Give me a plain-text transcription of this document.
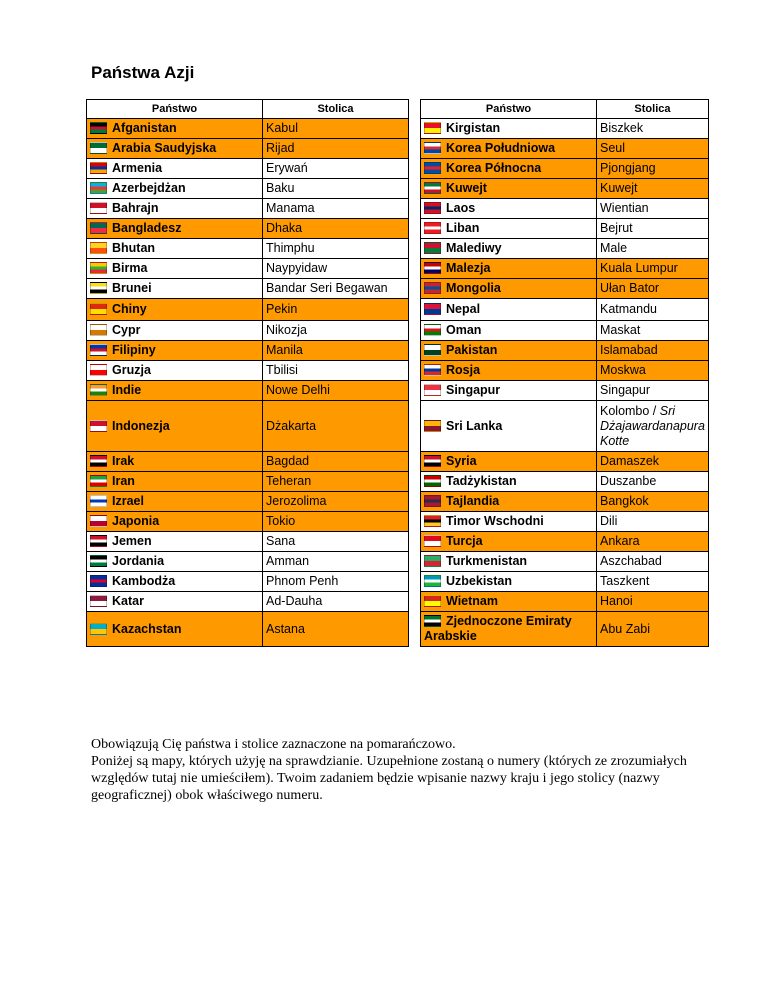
Państwa Azji
Państwo	Stolica		Państwo	Stolica
Afganistan	Kabul		Kirgistan	Biszkek
Arabia Saudyjska	Rijad		Korea Południowa	Seul
Armenia	Erywań		Korea Północna	Pjongjang
Azerbejdżan	Baku		Kuwejt	Kuwejt
Bahrajn	Manama		Laos	Wientian
Bangladesz	Dhaka		Liban	Bejrut
Bhutan	Thimphu		Malediwy	Male
Birma	Naypyidaw		Malezja	Kuala Lumpur
Brunei	Bandar Seri Begawan		Mongolia	Ułan Bator
Chiny	Pekin		Nepal	Katmandu
Cypr	Nikozja		Oman	Maskat
Filipiny	Manila		Pakistan	Islamabad
Gruzja	Tbilisi		Rosja	Moskwa
Indie	Nowe Delhi		Singapur	Singapur
Indonezja	Dżakarta		Sri Lanka	Kolombo / Sri Dżajawardanapura Kotte
Irak	Bagdad		Syria	Damaszek
Iran	Teheran		Tadżykistan	Duszanbe
Izrael	Jerozolima		Tajlandia	Bangkok
Japonia	Tokio		Timor Wschodni	Dili
Jemen	Sana		Turcja	Ankara
Jordania	Amman		Turkmenistan	Aszchabad
Kambodża	Phnom Penh		Uzbekistan	Taszkent
Katar	Ad-Dauha		Wietnam	Hanoi
Kazachstan	Astana		Zjednoczone Emiraty Arabskie	Abu Zabi

Obowiązują Cię państwa i stolice zaznaczone na pomarańczowo.

Poniżej są mapy, których użyję na sprawdzianie. Uzupełnione zostaną o numery (których ze zrozumiałych względów tutaj nie umieściłem). Twoim zadaniem będzie wpisanie nazwy kraju i jego stolicy (nazwy geograficznej) obok właściwego numeru.
